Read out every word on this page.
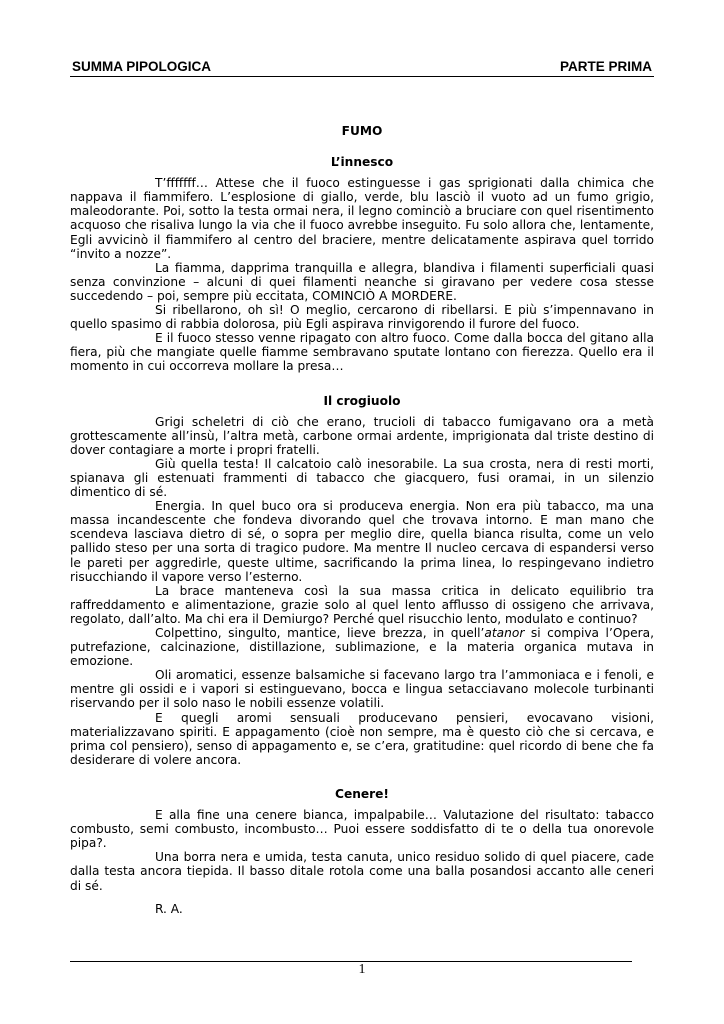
SUMMA PIPOLOGICA	PARTE PRIMA

FUMO

L’innesco

T’fffffff… Attese che il fuoco estinguesse i gas sprigionati dalla chimica che nappava il fiammifero. L’esplosione di giallo, verde, blu lasciò il vuoto ad un fumo grigio, maleodorante. Poi, sotto la testa ormai nera, il legno cominciò a bruciare con quel risentimento acquoso che risaliva lungo la via che il fuoco avrebbe inseguito. Fu solo allora che, lentamente, Egli avvicinò il fiammifero al centro del braciere, mentre delicatamente aspirava quel torrido “invito a nozze”.

La fiamma, dapprima tranquilla e allegra, blandiva i filamenti superficiali quasi senza convinzione – alcuni di quei filamenti neanche si giravano per vedere cosa stesse succedendo – poi, sempre più eccitata, COMINCIÒ A MORDERE.

Si ribellarono, oh sì! O meglio, cercarono di ribellarsi. E più s’impennavano in quello spasimo di rabbia dolorosa, più Egli aspirava rinvigorendo il furore del fuoco.

E il fuoco stesso venne ripagato con altro fuoco. Come dalla bocca del gitano alla fiera, più che mangiate quelle fiamme sembravano sputate lontano con fierezza. Quello era il momento in cui occorreva mollare la presa…

Il crogiuolo

Grigi scheletri di ciò che erano, trucioli di tabacco fumigavano ora a metà grottescamente all’insù, l’altra metà, carbone ormai ardente, imprigionata dal triste destino di dover contagiare a morte i propri fratelli.

Giù quella testa! Il calcatoio calò inesorabile. La sua crosta, nera di resti morti, spianava gli estenuati frammenti di tabacco che giacquero, fusi oramai, in un silenzio dimentico di sé.

Energia. In quel buco ora si produceva energia. Non era più tabacco, ma una massa incandescente che fondeva divorando quel che trovava intorno. E man mano che scendeva lasciava dietro di sé, o sopra per meglio dire, quella bianca risulta, come un velo pallido steso per una sorta di tragico pudore. Ma mentre Il nucleo cercava di espandersi verso le pareti per aggredirle, queste ultime, sacrificando la prima linea, lo respingevano indietro risucchiando il vapore verso l’esterno.

La brace manteneva così la sua massa critica in delicato equilibrio tra raffreddamento e alimentazione, grazie solo al quel lento afflusso di ossigeno che arrivava, regolato, dall’alto. Ma chi era il Demiurgo? Perché quel risucchio lento, modulato e continuo?

Colpettino, singulto, mantice, lieve brezza, in quell’atanor si compiva l’Opera, putrefazione, calcinazione, distillazione, sublimazione, e la materia organica mutava in emozione.

Oli aromatici, essenze balsamiche si facevano largo tra l’ammoniaca e i fenoli, e mentre gli ossidi e i vapori si estinguevano, bocca e lingua setacciavano molecole turbinanti riservando per il solo naso le nobili essenze volatili.

E quegli aromi sensuali producevano pensieri, evocavano visioni, materializzavano spiriti. E appagamento (cioè non sempre, ma è questo ciò che si cercava, e prima col pensiero), senso di appagamento e, se c’era, gratitudine: quel ricordo di bene che fa desiderare di volere ancora.

Cenere!

E alla fine una cenere bianca, impalpabile… Valutazione del risultato: tabacco combusto, semi combusto, incombusto… Puoi essere soddisfatto di te o della tua onorevole pipa?.

Una borra nera e umida, testa canuta, unico residuo solido di quel piacere, cade dalla testa ancora tiepida. Il basso ditale rotola come una balla posandosi accanto alle ceneri di sé.

R. A.

1
